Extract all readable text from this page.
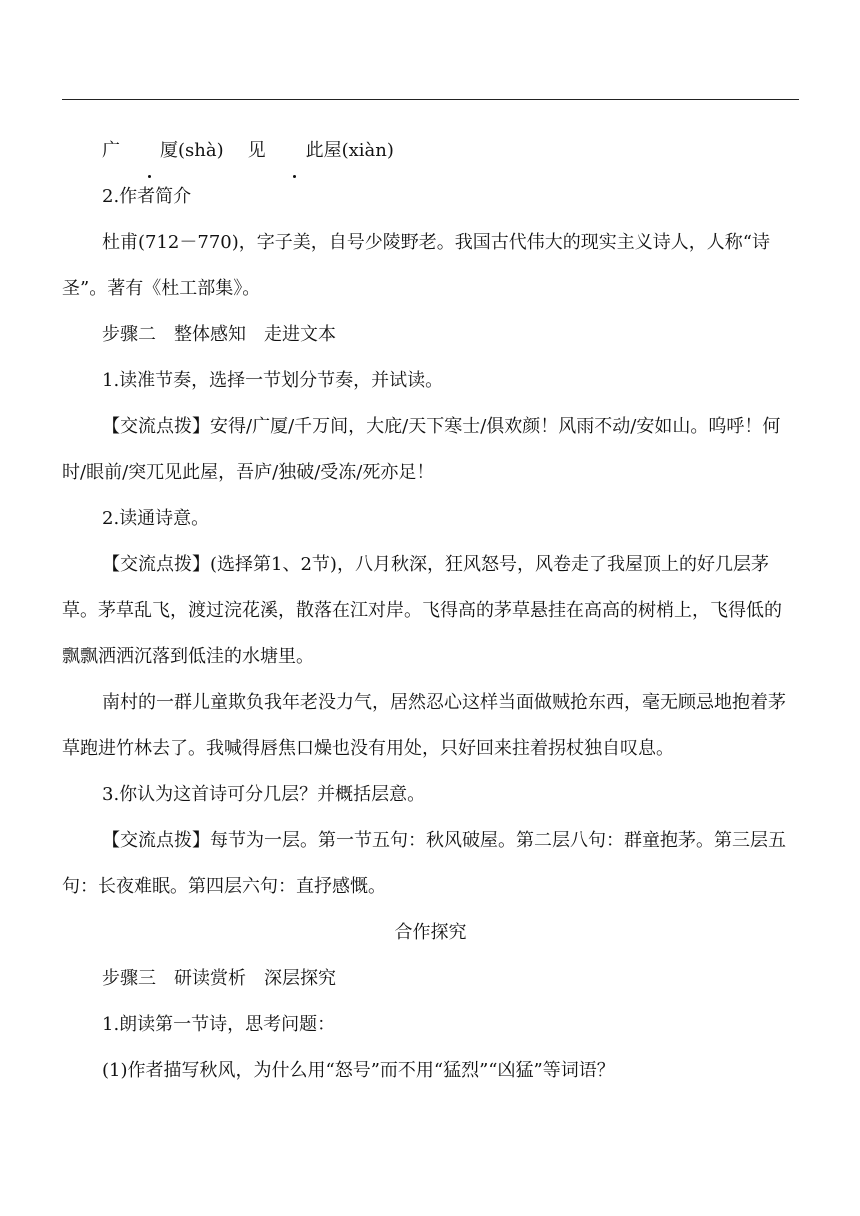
广 厦(shà) 见 此屋(xiàn)

2.作者简介

杜甫(712－770)，字子美，自号少陵野老。我国古代伟大的现实主义诗人，人称“诗圣”。著有《杜工部集》。

步骤二 整体感知 走进文本

1.读准节奏，选择一节划分节奏，并试读。

【交流点拨】安得/广厦/千万间，大庇/天下寒士/俱欢颜！风雨不动/安如山。呜呼！何时/眼前/突兀见此屋，吾庐/独破/受冻/死亦足！

2.读通诗意。

【交流点拨】(选择第1、2节)，八月秋深，狂风怒号，风卷走了我屋顶上的好几层茅草。茅草乱飞，渡过浣花溪，散落在江对岸。飞得高的茅草悬挂在高高的树梢上，飞得低的飘飘洒洒沉落到低洼的水塘里。

南村的一群儿童欺负我年老没力气，居然忍心这样当面做贼抢东西，毫无顾忌地抱着茅草跑进竹林去了。我喊得唇焦口燥也没有用处，只好回来拄着拐杖独自叹息。

3.你认为这首诗可分几层？并概括层意。

【交流点拨】每节为一层。第一节五句：秋风破屋。第二层八句：群童抱茅。第三层五句：长夜难眠。第四层六句：直抒感慨。

合作探究

步骤三 研读赏析 深层探究

1.朗读第一节诗，思考问题：

(1)作者描写秋风，为什么用“怒号”而不用“猛烈”“凶猛”等词语？
